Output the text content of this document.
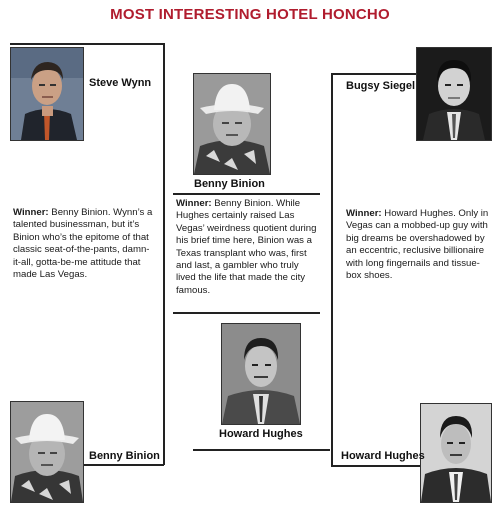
MOST INTERESTING HOTEL HONCHO
Steve Wynn
Benny Binion
Bugsy Siegel
Winner: Benny Binion. Wynn’s a talented businessman, but it’s Binion who’s the epitome of that classic seat-of-the-pants, damn-it-all, gotta-be-me attitude that made Las Vegas.
Winner: Benny Binion. While Hughes certainly raised Las Vegas’ weirdness quotient during his brief time here, Binion was a Texas transplant who was, first and last, a gambler who truly lived the life that made the city famous.
Winner: Howard Hughes. Only in Vegas can a mobbed-up guy with big dreams be overshadowed by an eccentric, reclusive billionaire with long fingernails and tissue-box shoes.
Howard Hughes
Benny Binion	Howard Hughes
